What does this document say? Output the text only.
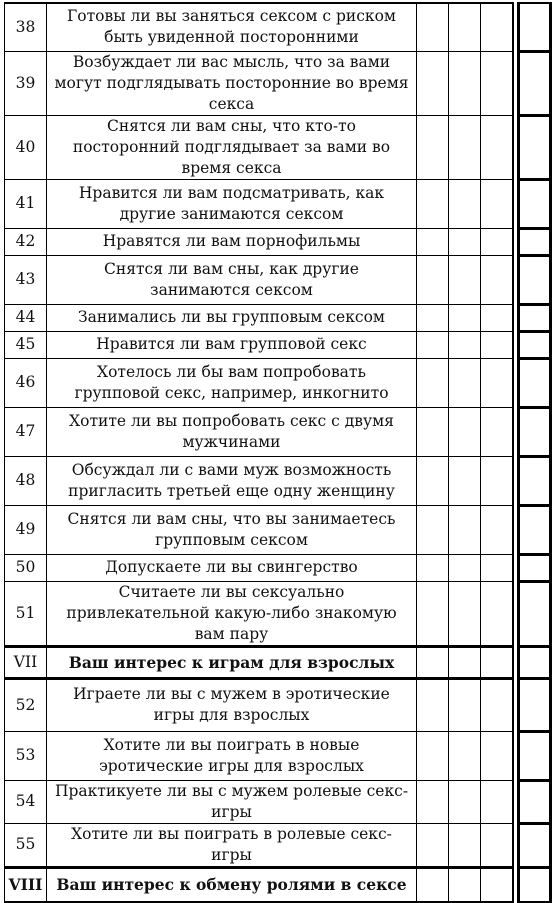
38	Готовы ли вы заняться сексом с риском быть увиденной посторонними					
39	Возбуждает ли вас мысль, что за вами могут подглядывать посторонние во время секса					
40	Снятся ли вам сны, что кто-то посторонний подглядывает за вами во время секса					
41	Нравится ли вам подсматривать, как другие занимаются сексом					
42	Нравятся ли вам порнофильмы					
43	Снятся ли вам сны, как другие занимаются сексом					
44	Занимались ли вы групповым сексом					
45	Нравится ли вам групповой секс					
46	Хотелось ли бы вам попробовать групповой секс, например, инкогнито					
47	Хотите ли вы попробовать секс с двумя мужчинами					
48	Обсуждал ли с вами муж возможность пригласить третьей еще одну женщину					
49	Снятся ли вам сны, что вы занимаетесь групповым сексом					
50	Допускаете ли вы свингерство					
51	Считаете ли вы сексуально привлекательной какую-либо знакомую вам пару					
VII	Ваш интерес к играм для взрослых					
52	Играете ли вы с мужем в эротические игры для взрослых					
53	Хотите ли вы поиграть в новые эротические игры для взрослых					
54	Практикуете ли вы с мужем ролевые секс-игры					
55	Хотите ли вы поиграть в ролевые секс-игры					
VIII	Ваш интерес к обмену ролями в сексе					
